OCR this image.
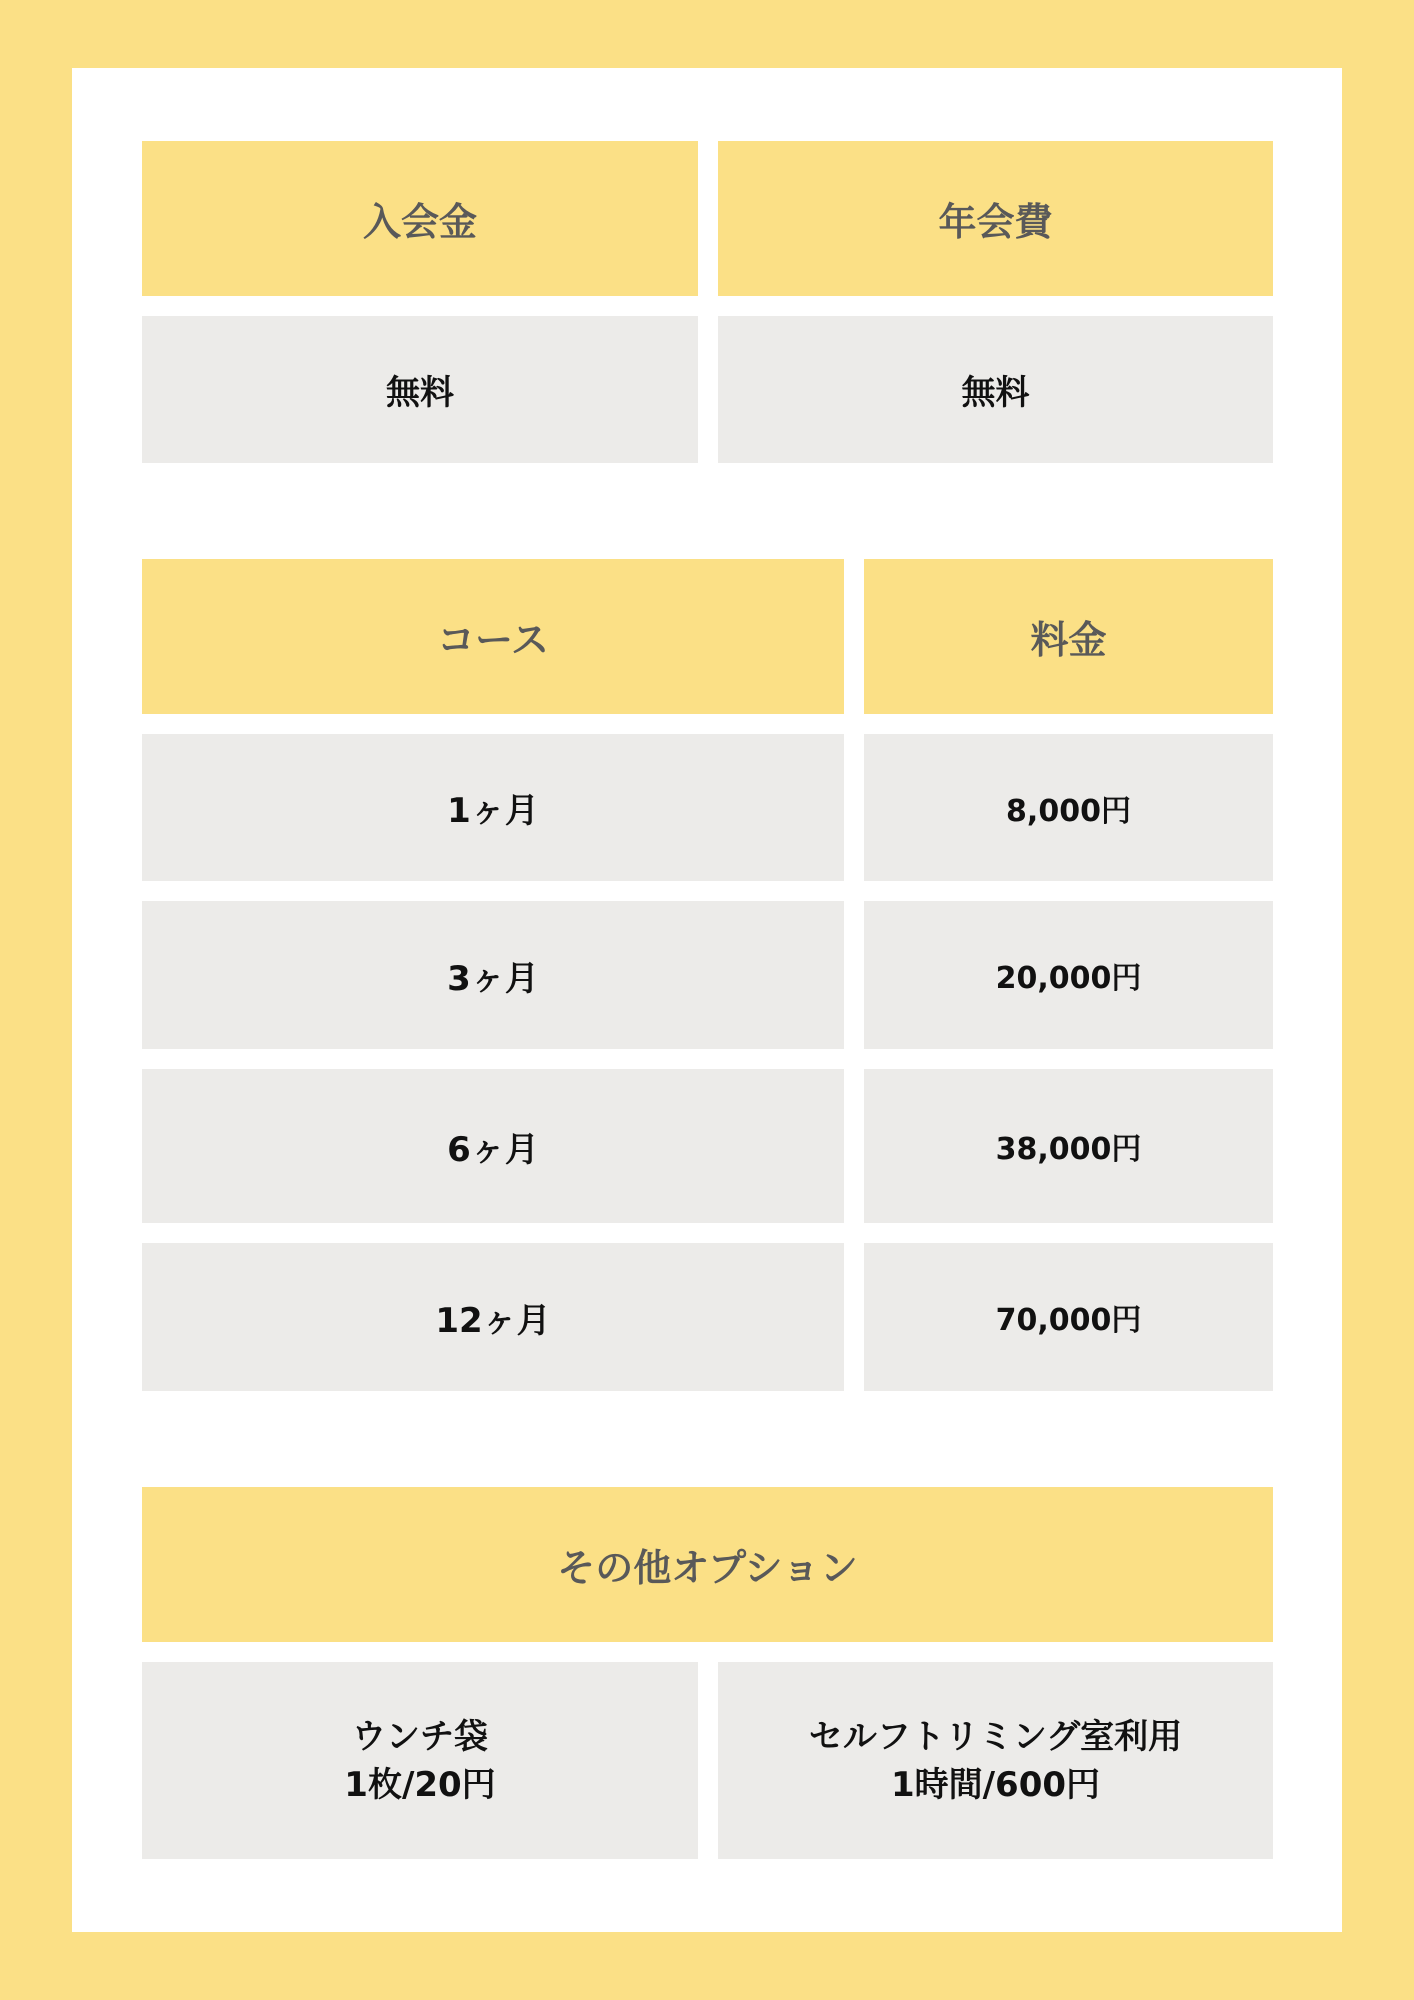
入会金	年会費
無料	無料
コース	料金
1ヶ月	8,000円
3ヶ月	20,000円
6ヶ月	38,000円
12ヶ月	70,000円
その他オプション
ウンチ袋
1枚/20円
セルフトリミング室利用
1時間/600円
